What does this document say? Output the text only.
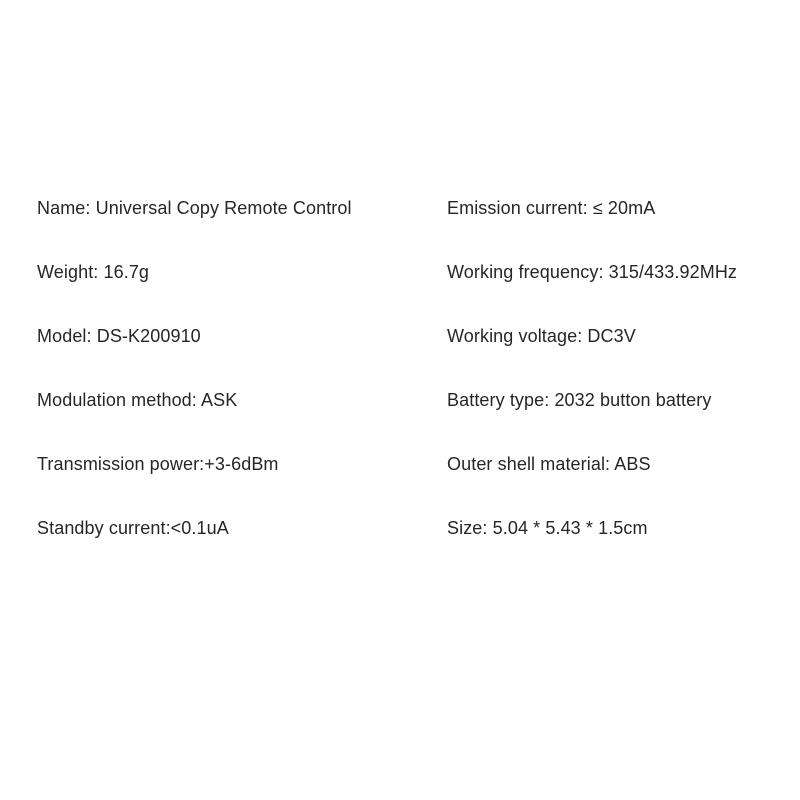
Name: Universal Copy Remote Control	Emission current: ≤ 20mA
Weight: 16.7g	Working frequency: 315/433.92MHz
Model: DS-K200910	Working voltage: DC3V
Modulation method: ASK	Battery type: 2032 button battery
Transmission power:+3-6dBm	Outer shell material: ABS
Standby current:<0.1uA	Size: 5.04 * 5.43 * 1.5cm
